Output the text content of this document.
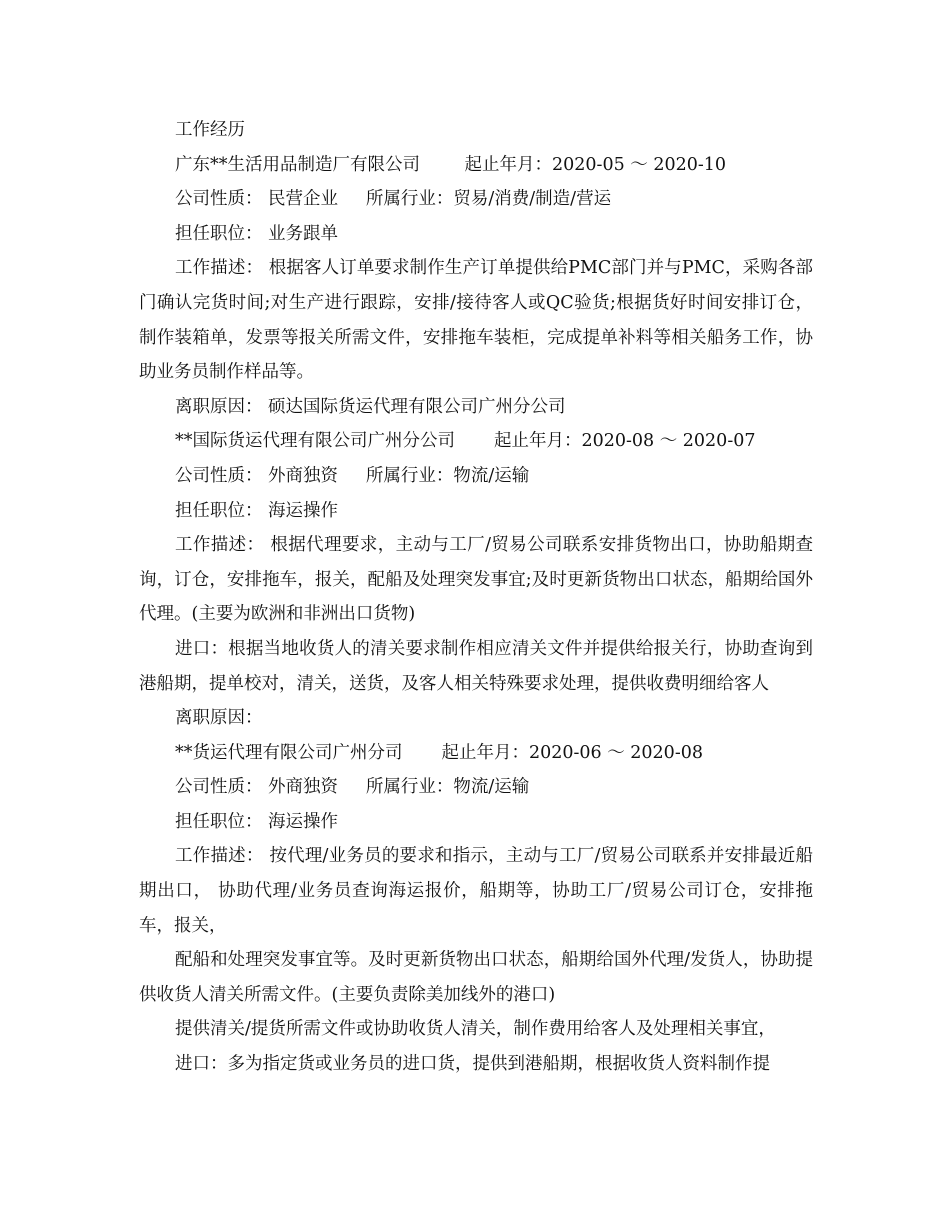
工作经历

广东**生活用品制造厂有限公司        起止年月：2020-05 ～ 2020-10

公司性质： 民营企业     所属行业：贸易/消费/制造/营运

担任职位： 业务跟单

工作描述： 根据客人订单要求制作生产订单提供给PMC部门并与PMC，采购各部门确认完货时间;对生产进行跟踪，安排/接待客人或QC验货;根据货好时间安排订仓，制作装箱单，发票等报关所需文件，安排拖车装柜，完成提单补料等相关船务工作，协助业务员制作样品等。

离职原因： 硕达国际货运代理有限公司广州分公司

**国际货运代理有限公司广州分公司       起止年月：2020-08 ～ 2020-07

公司性质： 外商独资     所属行业：物流/运输

担任职位： 海运操作

工作描述： 根据代理要求，主动与工厂/贸易公司联系安排货物出口，协助船期查询，订仓，安排拖车，报关，配船及处理突发事宜;及时更新货物出口状态，船期给国外代理。(主要为欧洲和非洲出口货物)

进口：根据当地收货人的清关要求制作相应清关文件并提供给报关行，协助查询到港船期，提单校对，清关，送货，及客人相关特殊要求处理，提供收费明细给客人

离职原因：

**货运代理有限公司广州分司       起止年月：2020-06 ～ 2020-08

公司性质： 外商独资     所属行业：物流/运输

担任职位： 海运操作

工作描述： 按代理/业务员的要求和指示，主动与工厂/贸易公司联系并安排最近船期出口， 协助代理/业务员查询海运报价，船期等，协助工厂/贸易公司订仓，安排拖车，报关，

配船和处理突发事宜等。及时更新货物出口状态，船期给国外代理/发货人，协助提供收货人清关所需文件。(主要负责除美加线外的港口)

提供清关/提货所需文件或协助收货人清关，制作费用给客人及处理相关事宜，

进口：多为指定货或业务员的进口货，提供到港船期，根据收货人资料制作提
